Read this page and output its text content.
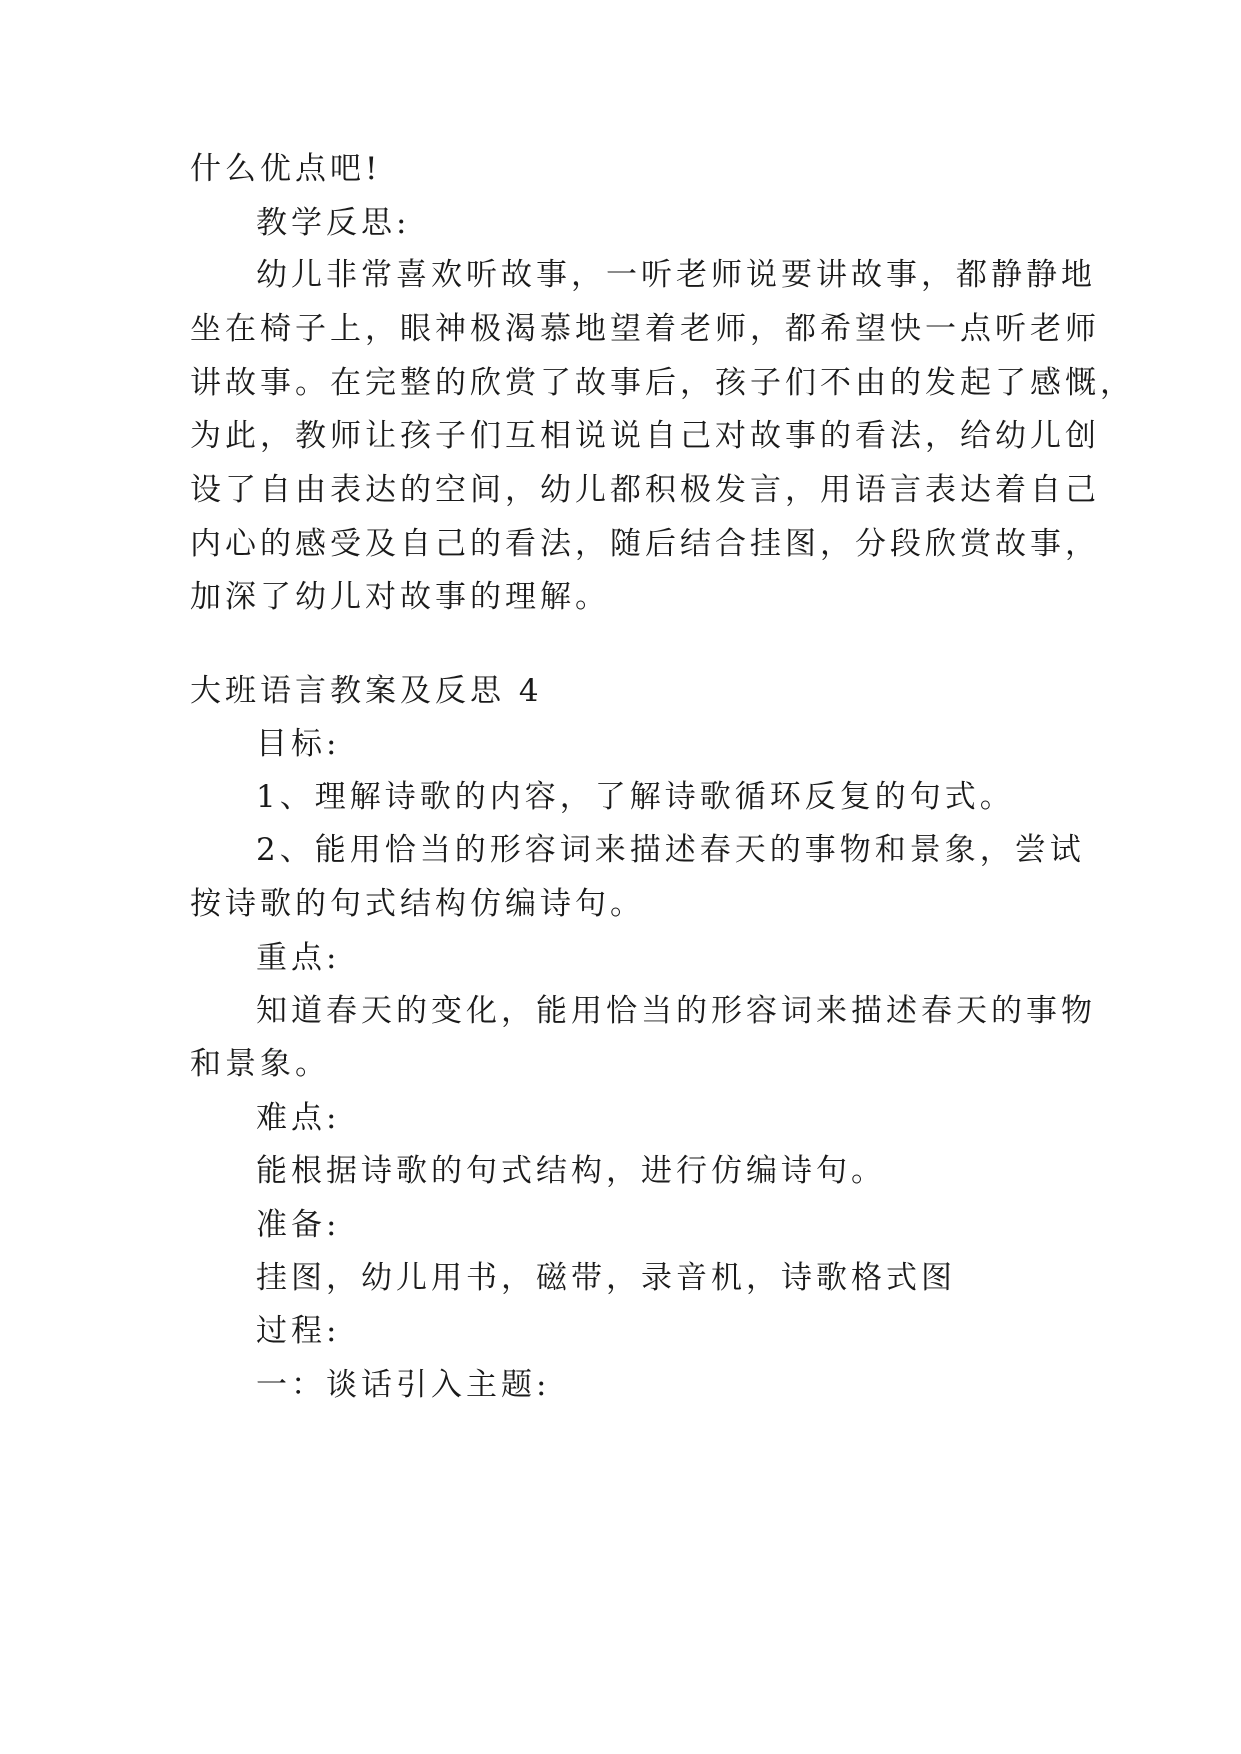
什么优点吧!
教学反思:
幼儿非常喜欢听故事，一听老师说要讲故事，都静静地
坐在椅子上，眼神极渴慕地望着老师，都希望快一点听老师
讲故事。在完整的欣赏了故事后，孩子们不由的发起了感慨，
为此，教师让孩子们互相说说自己对故事的看法，给幼儿创
设了自由表达的空间，幼儿都积极发言，用语言表达着自己
内心的感受及自己的看法，随后结合挂图，分段欣赏故事，
加深了幼儿对故事的理解。
大班语言教案及反思 4
目标:
1、理解诗歌的内容，了解诗歌循环反复的句式。
2、能用恰当的形容词来描述春天的事物和景象，尝试
按诗歌的句式结构仿编诗句。
重点:
知道春天的变化，能用恰当的形容词来描述春天的事物
和景象。
难点:
能根据诗歌的句式结构，进行仿编诗句。
准备:
挂图，幼儿用书，磁带，录音机，诗歌格式图
过程:
一：谈话引入主题:
